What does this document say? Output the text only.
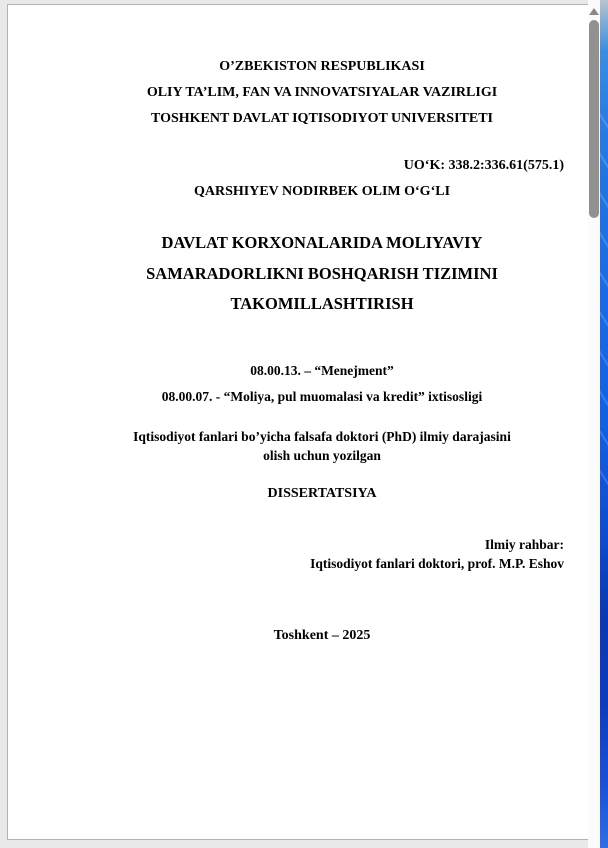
O’ZBEKISTON RESPUBLIKASI
OLIY TA’LIM, FAN VA INNOVATSIYALAR VAZIRLIGI
TOSHKENT DAVLAT IQTISODIYOT UNIVERSITETI
UOʻK: 338.2:336.61(575.1)
QARSHIYEV NODIRBEK OLIM OʻGʻLI
DAVLAT KORXONALARIDA MOLIYAVIY
SAMARADORLIKNI BOSHQARISH TIZIMINI
TAKOMILLASHTIRISH
08.00.13. – “Menejment”
08.00.07. - “Moliya, pul muomalasi va kredit” ixtisosligi
Iqtisodiyot fanlari bo’yicha falsafa doktori (PhD) ilmiy darajasini
olish uchun yozilgan
DISSERTATSIYA
Ilmiy rahbar:
Iqtisodiyot fanlari doktori, prof. M.P. Eshov
Toshkent – 2025
